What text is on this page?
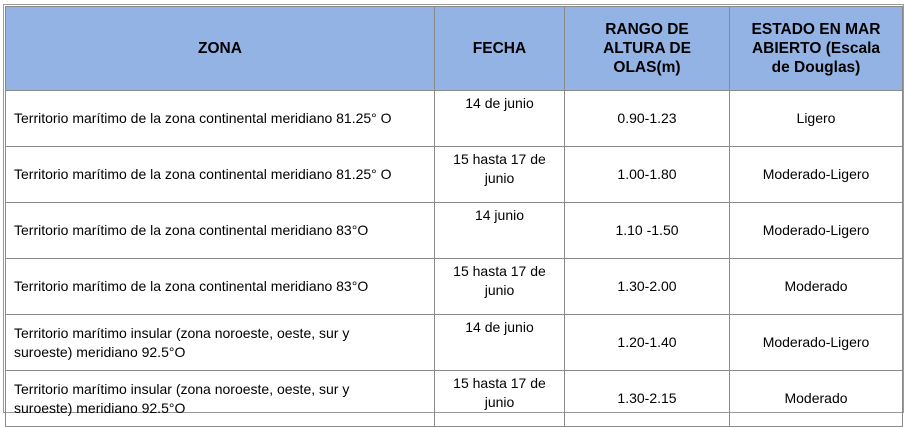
ZONA	FECHA	RANGO DE ALTURA DE OLAS(m)	ESTADO EN MAR ABIERTO (Escala de Douglas)
Territorio marítimo de la zona continental meridiano 81.25° O	14 de junio	0.90-1.23	Ligero
Territorio marítimo de la zona continental meridiano 81.25° O	15 hasta 17 de junio	1.00-1.80	Moderado-Ligero
Territorio marítimo de la zona continental meridiano 83°O	14 junio	1.10 -1.50	Moderado-Ligero
Territorio marítimo de la zona continental meridiano 83°O	15 hasta 17 de junio	1.30-2.00	Moderado
Territorio marítimo insular (zona noroeste, oeste, sur y suroeste) meridiano 92.5°O	14 de junio	1.20-1.40	Moderado-Ligero
Territorio marítimo insular (zona noroeste, oeste, sur y suroeste) meridiano 92.5°O	15 hasta 17 de junio	1.30-2.15	Moderado
